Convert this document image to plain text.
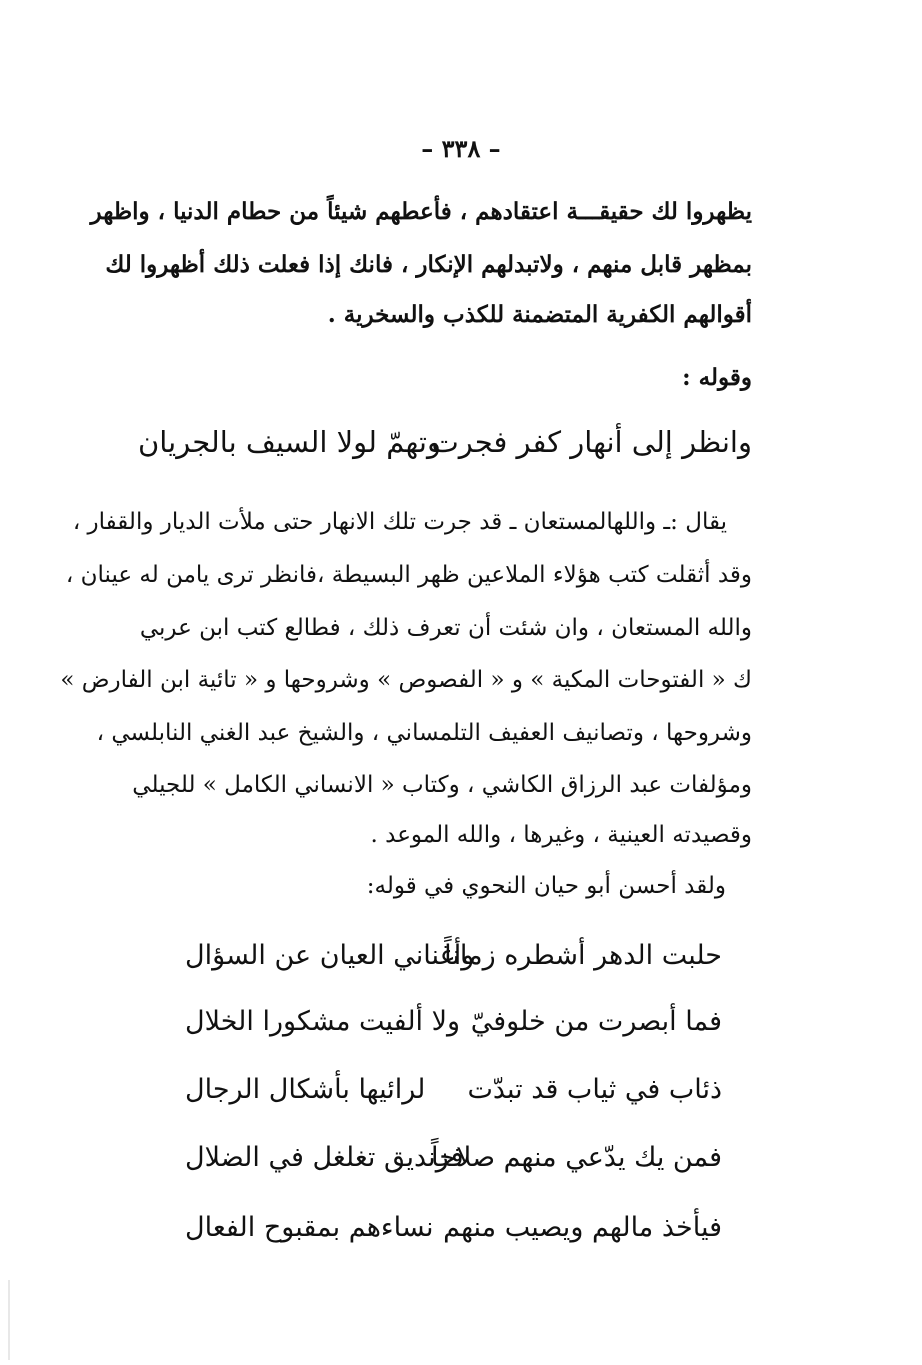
– ٣٣٨ –
يظهروا لك حقيقـــة اعتقادهم ، فأعطهم شيئاً من حطام الدنيا ، واظهر
بمظهر قابل منهم ، ولاتبدلهم الإنكار ، فانك إذا فعلت ذلك أظهروا لك
أقوالهم الكفرية المتضمنة للكذب والسخرية .
وقوله :
وانظر إلى أنهار كفر فجرت
وتهمّ لولا السيف بالجريان
يقال :ـ واللهالمستعان ـ قد جرت تلك الانهار حتى ملأت الديار والقفار ،
وقد أثقلت كتب هؤلاء الملاعين ظهر البسيطة ،فانظر ترى يامن له عينان ،
والله المستعان ، وان شئت أن تعرف ذلك ، فطالع كتب ابن عربي
ك « الفتوحات المكية » و « الفصوص » وشروحها و « تائية ابن الفارض »
وشروحها ، وتصانيف العفيف التلمساني ، والشيخ عبد الغني النابلسي ،
ومؤلفات عبد الرزاق الكاشي ، وكتاب « الانساني الكامل » للجيلي
وقصيدته العينية ، وغيرها ، والله الموعد .
ولقد أحسن أبو حيان النحوي في قوله:
حلبت الدهر أشطره زماناً
وأغناني العيان عن السؤال
فما أبصرت من خلوفيّ
ولا ألفيت مشكورا الخلال
ذئاب في ثياب قد تبدّت
لرائيها بأشكال الرجال
فمن يك يدّعي منهم صلاحاً
فزنديق تغلغل في الضلال
فيأخذ مالهم ويصيب منهم
نساءهم بمقبوح الفعال
